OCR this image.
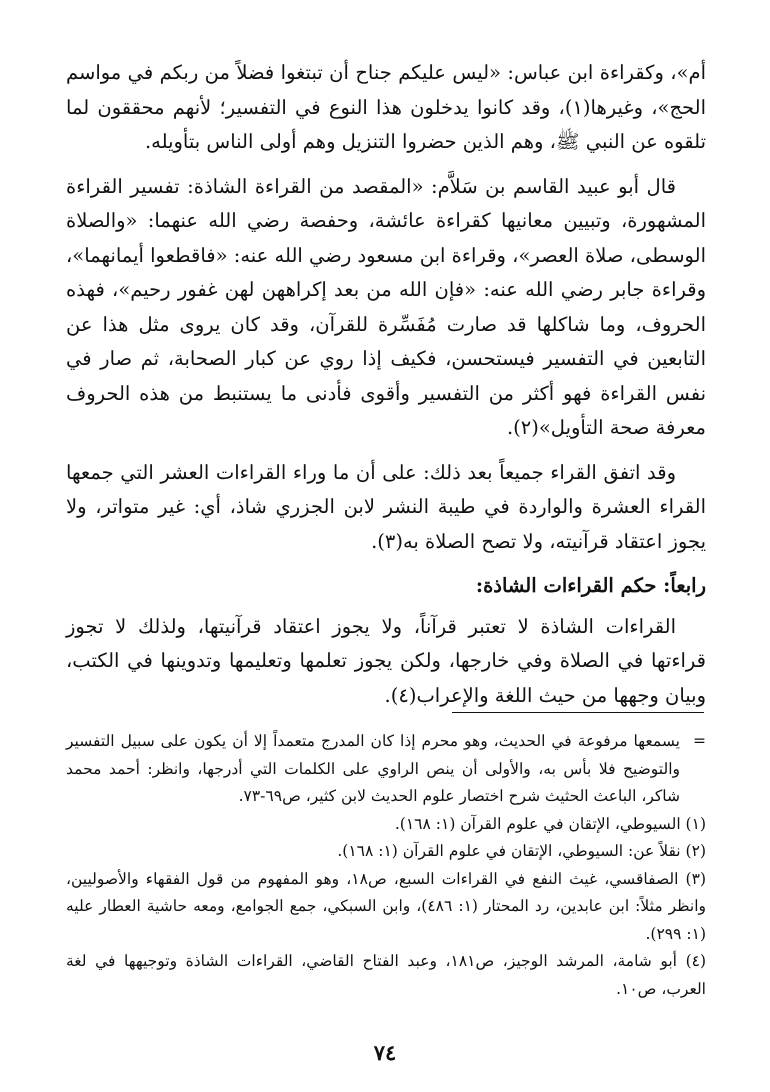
أم»، وكقراءة ابن عباس: «ليس عليكم جناح أن تبتغوا فضلاً من ربكم في مواسم الحج»، وغيرها(١)، وقد كانوا يدخلون هذا النوع في التفسير؛ لأنهم محققون لما تلقوه عن النبي ﷺ، وهم الذين حضروا التنزيل وهم أولى الناس بتأويله.

قال أبو عبيد القاسم بن سَلاَّم: «المقصد من القراءة الشاذة: تفسير القراءة المشهورة، وتبيين معانيها كقراءة عائشة، وحفصة رضي الله عنهما: «والصلاة الوسطى، صلاة العصر»، وقراءة ابن مسعود رضي الله عنه: «فاقطعوا أيمانهما»، وقراءة جابر رضي الله عنه: «فإن الله من بعد إكراههن لهن غفور رحيم»، فهذه الحروف، وما شاكلها قد صارت مُفَسِّرة للقرآن، وقد كان يروى مثل هذا عن التابعين في التفسير فيستحسن، فكيف إذا روي عن كبار الصحابة، ثم صار في نفس القراءة فهو أكثر من التفسير وأقوى فأدنى ما يستنبط من هذه الحروف معرفة صحة التأويل»(٢).

وقد اتفق القراء جميعاً بعد ذلك: على أن ما وراء القراءات العشر التي جمعها القراء العشرة والواردة في طيبة النشر لابن الجزري شاذ، أي: غير متواتر، ولا يجوز اعتقاد قرآنيته، ولا تصح الصلاة به(٣).

رابعاً: حكم القراءات الشاذة:

القراءات الشاذة لا تعتبر قرآناً، ولا يجوز اعتقاد قرآنيتها، ولذلك لا تجوز قراءتها في الصلاة وفي خارجها، ولكن يجوز تعلمها وتعليمها وتدوينها في الكتب، وبيان وجهها من حيث اللغة والإعراب(٤).

=
يسمعها مرفوعة في الحديث، وهو محرم إذا كان المدرج متعمداً إلا أن يكون على سبيل التفسير والتوضيح فلا بأس به، والأولى أن ينص الراوي على الكلمات التي أدرجها، وانظر: أحمد محمد شاكر، الباعث الحثيث شرح اختصار علوم الحديث لابن كثير، ص٦٩-٧٣.

(١) السيوطي، الإتقان في علوم القرآن (١: ١٦٨).

(٢) نقلاً عن: السيوطي، الإتقان في علوم القرآن (١: ١٦٨).

(٣) الصفاقسي، غيث النفع في القراءات السبع، ص١٨، وهو المفهوم من قول الفقهاء والأصوليين، وانظر مثلاً: ابن عابدين، رد المحتار (١: ٤٨٦)، وابن السبكي، جمع الجوامع، ومعه حاشية العطار عليه (١: ٢٩٩).

(٤) أبو شامة، المرشد الوجيز، ص١٨١، وعبد الفتاح القاضي، القراءات الشاذة وتوجيهها في لغة العرب، ص١٠.

٧٤
